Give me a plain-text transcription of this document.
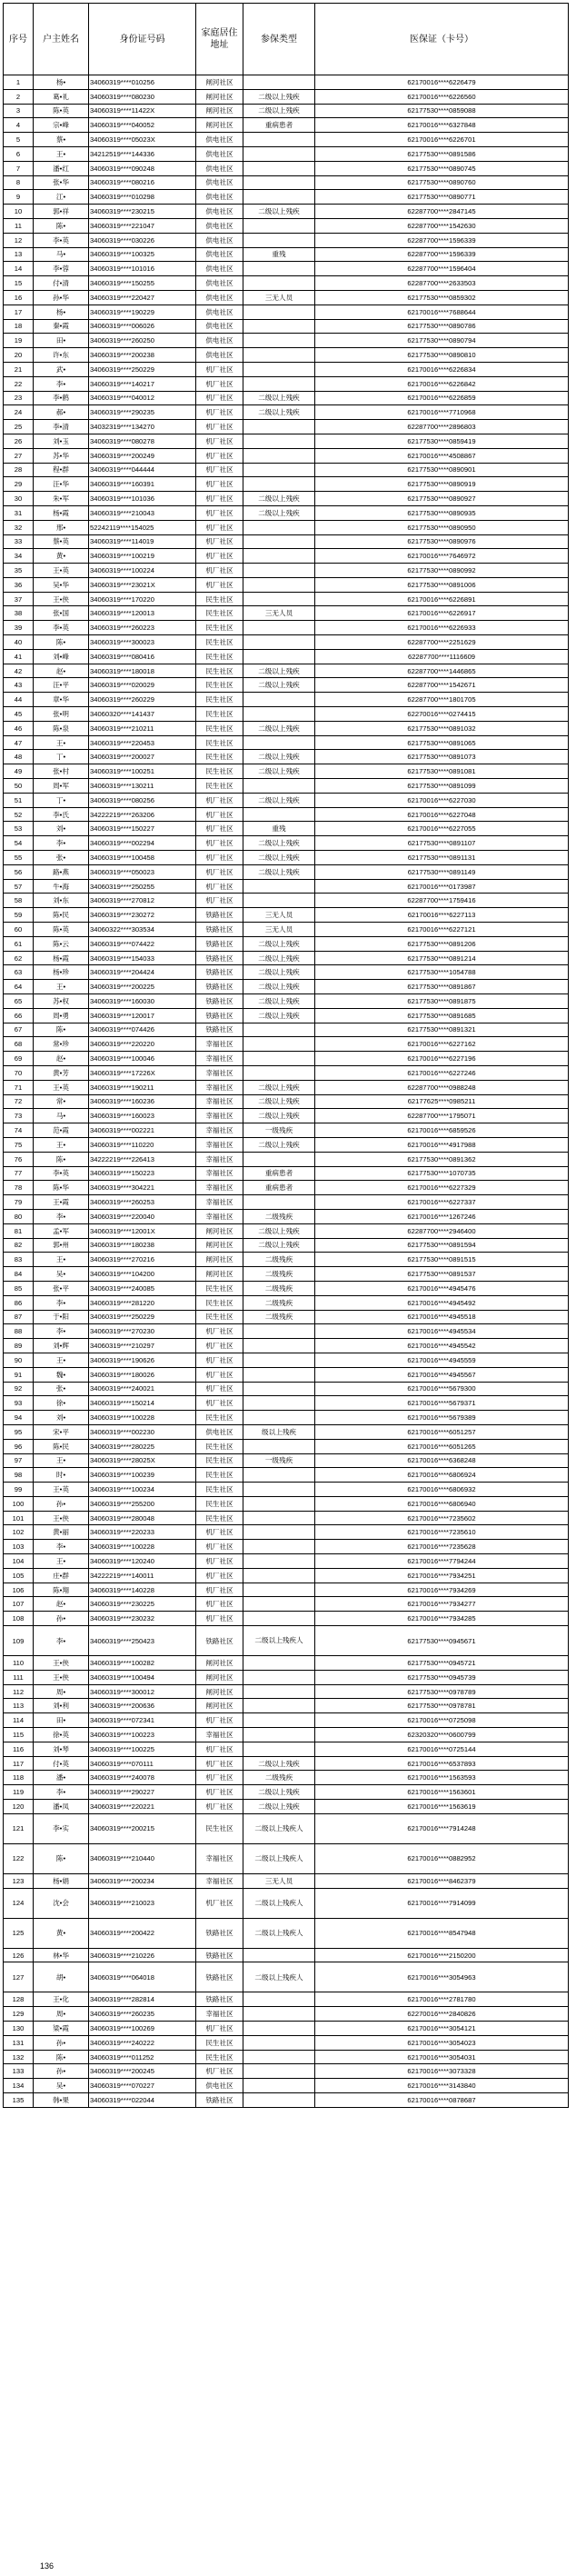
序号	户主姓名	身份证号码	家庭居住地址	参保类型	医保证（卡号）
1	杨•	34060319****010256	闸河社区		62170016****6226479
2	葛•礼	34060319****080230	闸河社区	二级以上残疾	62170016****6226560
3	陈•英	34060319****11422X	闸河社区	二级以上残疾	62177530****0859088
4	宗•峰	34060319****040052	闸河社区	重病患者	62170016****6327848
5	蔡•	34060319****05023X	供电社区		62170016****6226701
6	王•	34212519****144336	供电社区		62177530****0891586
7	潘•红	34060319****090248	供电社区		62177530****0890745
8	张•华	34060319****080216	供电社区		62177530****0890760
9	江•	34060319****010298	供电社区		62177530****0890771
10	郭•祥	34060319****230215	供电社区	二级以上残疾	62287700****2847145
11	陈•	34060319****221047	供电社区		62287700****1542630
12	李•英	34060319****030226	供电社区		62287700****1596339
13	马•	34060319****100325	供电社区	重残	62287700****1596339
14	李•蓉	34060319****101016	供电社区		62287700****1596404
15	付•清	34060319****150255	供电社区		62287700****2633503
16	孙•华	34060319****220427	供电社区	三无人员	62177530****0859302
17	杨•	34060319****190229	供电社区		62170016****7688644
18	秦•霞	34060319****006026	供电社区		62177530****0890786
19	田•	34060319****260250	供电社区		62177530****0890794
20	许•东	34060319****200238	供电社区		62177530****0890810
21	武•	34060319****250229	机厂社区		62170016****6226834
22	李•	34060319****140217	机厂社区		62170016****6226842
23	李•鹤	34060319****040012	机厂社区	二级以上残疾	62170016****6226859
24	郝•	34060319****290235	机厂社区	二级以上残疾	62170016****7710968
25	李•清	34032319****134270	机厂社区		62287700****2896803
26	刘•玉	34060319****080278	机厂社区		62177530****0859419
27	苏•华	34060319****200249	机厂社区		62170016****4508867
28	程•群	34060319****044444	机厂社区		62177530****0890901
29	汪•华	34060319****160391	机厂社区		62177530****0890919
30	朱•军	34060319****101036	机厂社区	二级以上残疾	62177530****0890927
31	杨•霞	34060319****210043	机厂社区	二级以上残疾	62177530****0890935
32	邢•	52242119****154025	机厂社区		62177530****0890950
33	蔡•英	34060319****114019	机厂社区		62177530****0890976
34	黄•	34060319****100219	机厂社区		62170016****7646972
35	王•英	34060319****100224	机厂社区		62177530****0890992
36	吴•华	34060319****23021X	机厂社区		62177530****0891006
37	王•侠	34060319****170220	民生社区		62170016****6226891
38	张•国	34060319****120013	民生社区	三无人员	62170016****6226917
39	李•英	34060319****260223	民生社区		62170016****6226933
40	陈•	34060319****300023	民生社区		62287700****2251629
41	刘•峰	34060319****080416	民生社区		62287700****1116609
42	赵•	34060319****180018	民生社区	二级以上残疾	62287700****1446865
43	汪•平	34060319****020029	民生社区	二级以上残疾	62287700****1542671
44	章•华	34060319****260229	民生社区		62287700****1801705
45	张•明	34060320****141437	民生社区		62270016****0274415
46	陈•泉	34060319****210211	民生社区	二级以上残疾	62177530****0891032
47	王•	34060319****220453	民生社区		62177530****0891065
48	丁•	34060319****200027	民生社区	二级以上残疾	62177530****0891073
49	张•村	34060319****100251	民生社区	二级以上残疾	62177530****0891081
50	周•军	34060319****130211	民生社区		62177530****0891099
51	丁•	34060319****080256	机厂社区	二级以上残疾	62170016****6227030
52	李•氏	34222219****263206	机厂社区		62170016****6227048
53	刘•	34060319****150227	机厂社区	重残	62170016****6227055
54	李•	34060319****002294	机厂社区	二级以上残疾	62177530****0891107
55	张•	34060319****100458	机厂社区	二级以上残疾	62177530****0891131
56	路•燕	34060319****050023	机厂社区	二级以上残疾	62177530****0891149
57	牛•海	34060319****250255	机厂社区		62170016****0173987
58	刘•东	34060319****270812	机厂社区		62287700****1759416
59	陈•民	34060319****230272	铁路社区	三无人员	62170016****6227113
60	陈•英	34060322****303534	铁路社区	三无人员	62170016****6227121
61	陈•云	34060319****074422	铁路社区	二级以上残疾	62177530****0891206
62	杨•霞	34060319****154033	铁路社区	二级以上残疾	62177530****0891214
63	杨•珍	34060319****204424	铁路社区	二级以上残疾	62177530****1054788
64	王•	34060319****200225	铁路社区	二级以上残疾	62177530****0891867
65	苏•权	34060319****160030	铁路社区	二级以上残疾	62177530****0891875
66	周•勇	34060319****120017	铁路社区	二级以上残疾	62177530****0891685
67	陈•	34060319****074426	铁路社区		62177530****0891321
68	常•珍	34060319****220220	幸福社区		62170016****6227162
69	赵•	34060319****100046	幸福社区		62170016****6227196
70	黄•芳	34060319****17226X	幸福社区		62170016****6227246
71	王•英	34060319****190211	幸福社区	二级以上残疾	62287700****0988248
72	常•	34060319****160236	幸福社区	二级以上残疾	62177625****0985211
73	马•	34060319****160023	幸福社区	二级以上残疾	62287700****1795071
74	范•霞	34060319****002221	幸福社区	一级残疾	62170016****6859526
75	王•	34060319****110220	幸福社区	二级以上残疾	62170016****4917988
76	陈•	34222219****226413	幸福社区		62177530****0891362
77	李•英	34060319****150223	幸福社区	重病患者	62177530****1070735
78	陈•华	34060319****304221	幸福社区	重病患者	62170016****6227329
79	王•霞	34060319****260253	幸福社区		62170016****6227337
80	李•	34060319****220040	幸福社区	二级残疾	62170016****1267246
81	孟•军	34060319****12001X	闸河社区	二级以上残疾	62287700****2946400
82	郭•州	34060319****180238	闸河社区	二级以上残疾	62177530****0891594
83	王•	34060319****270216	闸河社区	二级残疾	62177530****0891515
84	吴•	34060319****104200	闸河社区	二级残疾	62177530****0891537
85	张•平	34060319****240085	民生社区	二级残疾	62170016****4945476
86	李•	34060319****281220	民生社区	二级残疾	62170016****4945492
87	于•阳	34060319****250229	民生社区	二级残疾	62170016****4945518
88	李•	34060319****270230	机厂社区		62170016****4945534
89	刘•辉	34060319****210297	机厂社区		62170016****4945542
90	王•	34060319****190626	机厂社区		62170016****4945559
91	魏•	34060319****180026	机厂社区		62170016****4945567
92	张•	34060319****240021	机厂社区		62170016****5679300
93	徐•	34060319****150214	机厂社区		62170016****5679371
94	刘•	34060319****100228	民生社区		62170016****5679389
95	宋•平	34060319****002230	供电社区	级以上残疾	62170016****6051257
96	陈•民	34060319****280225	民生社区		62170016****6051265
97	王•	34060319****28025X	民生社区	一级残疾	62170016****6368248
98	时•	34060319****100239	民生社区		62170016****6806924
99	王•英	34060319****100234	民生社区		62170016****6806932
100	孙•	34060319****255200	民生社区		62170016****6806940
101	王•侠	34060319****280048	民生社区		62170016****7235602
102	黄•丽	34060319****220233	机厂社区		62170016****7235610
103	李•	34060319****100228	机厂社区		62170016****7235628
104	王•	34060319****120240	机厂社区		62170016****7794244
105	庄•群	34222219****140011	机厂社区		62170016****7934251
106	陈•翔	34060319****140228	机厂社区		62170016****7934269
107	赵•	34060319****230225	机厂社区		62170016****7934277
108	孙•	34060319****230232	机厂社区		62170016****7934285
109	李•	34060319****250423	铁路社区	二级以上残疾人	62177530****0945671
110	王•侠	34060319****100282	闸河社区		62177530****0945721
111	王•侠	34060319****100494	闸河社区		62177530****0945739
112	周•	34060319****300012	闸河社区		62177530****0978789
113	刘•利	34060319****200636	闸河社区		62177530****0978781
114	田•	34060319****072341	机厂社区		62170016****0725098
115	徐•英	34060319****100223	幸福社区		62320320****0600799
116	刘•琴	34060319****100225	机厂社区		62170016****0725144
117	付•英	34060319****070111	机厂社区	二级以上残疾	62170016****6537893
118	潘•	34060319****240078	机厂社区	二级残疾	62170016****1563593
119	李•	34060319****290227	机厂社区	二级以上残疾	62170016****1563601
120	潘•凤	34060319****220221	机厂社区	二级以上残疾	62170016****1563619
121	李•实	34060319****200215	民生社区	二级以上残疾人	62170016****7914248
122	陈•	34060319****210440	幸福社区	二级以上残疾人	62170016****0882952
123	杨•娟	34060319****200234	幸福社区	三无人员	62170016****8462379
124	沈•会	34060319****210023	机厂社区	二级以上残疾人	62170016****7914099
125	黄•	34060319****200422	铁路社区	二级以上残疾人	62170016****8547948
126	林•华	34060319****210226	铁路社区		62170016****2150200
127	胡•	34060319****064018	铁路社区	二级以上残疾人	62170016****3054963
128	王•化	34060319****282814	铁路社区		62170016****2781780
129	周•	34060319****260235	幸福社区		62270016****2840826
130	梁•霞	34060319****100269	机厂社区		62170016****3054121
131	孙•	34060319****240222	民生社区		62170016****3054023
132	陈•	34060319****011252	民生社区		62170016****3054031
133	孙•	34060319****200245	机厂社区		62170016****3073328
134	吴•	34060319****070227	供电社区		62170016****3143840
135	韩•果	34060319****022044	铁路社区		62170016****0878687
136
